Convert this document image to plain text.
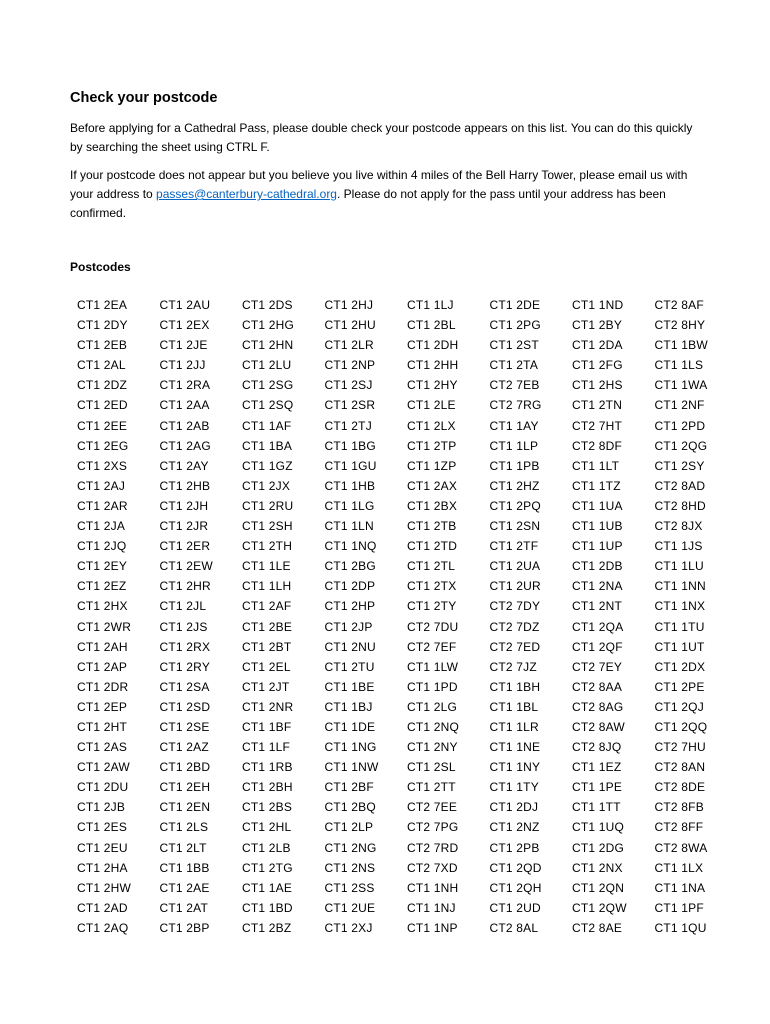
Check your postcode

Before applying for a Cathedral Pass, please double check your postcode appears on this list. You can do this quickly by searching the sheet using CTRL F.

If your postcode does not appear but you believe you live within 4 miles of the Bell Harry Tower, please email us with your address to passes@canterbury-cathedral.org. Please do not apply for the pass until your address has been confirmed.

Postcodes

CT1 2EA	CT1 2AU	CT1 2DS	CT1 2HJ	CT1 1LJ	CT1 2DE	CT1 1ND	CT2 8AF
CT1 2DY	CT1 2EX	CT1 2HG	CT1 2HU	CT1 2BL	CT1 2PG	CT1 2BY	CT2 8HY
CT1 2EB	CT1 2JE	CT1 2HN	CT1 2LR	CT1 2DH	CT1 2ST	CT1 2DA	CT1 1BW
CT1 2AL	CT1 2JJ	CT1 2LU	CT1 2NP	CT1 2HH	CT1 2TA	CT1 2FG	CT1 1LS
CT1 2DZ	CT1 2RA	CT1 2SG	CT1 2SJ	CT1 2HY	CT2 7EB	CT1 2HS	CT1 1WA
CT1 2ED	CT1 2AA	CT1 2SQ	CT1 2SR	CT1 2LE	CT2 7RG	CT1 2TN	CT1 2NF
CT1 2EE	CT1 2AB	CT1 1AF	CT1 2TJ	CT1 2LX	CT1 1AY	CT2 7HT	CT1 2PD
CT1 2EG	CT1 2AG	CT1 1BA	CT1 1BG	CT1 2TP	CT1 1LP	CT2 8DF	CT1 2QG
CT1 2XS	CT1 2AY	CT1 1GZ	CT1 1GU	CT1 1ZP	CT1 1PB	CT1 1LT	CT1 2SY
CT1 2AJ	CT1 2HB	CT1 2JX	CT1 1HB	CT1 2AX	CT1 2HZ	CT1 1TZ	CT2 8AD
CT1 2AR	CT1 2JH	CT1 2RU	CT1 1LG	CT1 2BX	CT1 2PQ	CT1 1UA	CT2 8HD
CT1 2JA	CT1 2JR	CT1 2SH	CT1 1LN	CT1 2TB	CT1 2SN	CT1 1UB	CT2 8JX
CT1 2JQ	CT1 2ER	CT1 2TH	CT1 1NQ	CT1 2TD	CT1 2TF	CT1 1UP	CT1 1JS
CT1 2EY	CT1 2EW	CT1 1LE	CT1 2BG	CT1 2TL	CT1 2UA	CT1 2DB	CT1 1LU
CT1 2EZ	CT1 2HR	CT1 1LH	CT1 2DP	CT1 2TX	CT1 2UR	CT1 2NA	CT1 1NN
CT1 2HX	CT1 2JL	CT1 2AF	CT1 2HP	CT1 2TY	CT2 7DY	CT1 2NT	CT1 1NX
CT1 2WR	CT1 2JS	CT1 2BE	CT1 2JP	CT2 7DU	CT2 7DZ	CT1 2QA	CT1 1TU
CT1 2AH	CT1 2RX	CT1 2BT	CT1 2NU	CT2 7EF	CT2 7ED	CT1 2QF	CT1 1UT
CT1 2AP	CT1 2RY	CT1 2EL	CT1 2TU	CT1 1LW	CT2 7JZ	CT2 7EY	CT1 2DX
CT1 2DR	CT1 2SA	CT1 2JT	CT1 1BE	CT1 1PD	CT1 1BH	CT2 8AA	CT1 2PE
CT1 2EP	CT1 2SD	CT1 2NR	CT1 1BJ	CT1 2LG	CT1 1BL	CT2 8AG	CT1 2QJ
CT1 2HT	CT1 2SE	CT1 1BF	CT1 1DE	CT1 2NQ	CT1 1LR	CT2 8AW	CT1 2QQ
CT1 2AS	CT1 2AZ	CT1 1LF	CT1 1NG	CT1 2NY	CT1 1NE	CT2 8JQ	CT2 7HU
CT1 2AW	CT1 2BD	CT1 1RB	CT1 1NW	CT1 2SL	CT1 1NY	CT1 1EZ	CT2 8AN
CT1 2DU	CT1 2EH	CT1 2BH	CT1 2BF	CT1 2TT	CT1 1TY	CT1 1PE	CT2 8DE
CT1 2JB	CT1 2EN	CT1 2BS	CT1 2BQ	CT2 7EE	CT1 2DJ	CT1 1TT	CT2 8FB
CT1 2ES	CT1 2LS	CT1 2HL	CT1 2LP	CT2 7PG	CT1 2NZ	CT1 1UQ	CT2 8FF
CT1 2EU	CT1 2LT	CT1 2LB	CT1 2NG	CT2 7RD	CT1 2PB	CT1 2DG	CT2 8WA
CT1 2HA	CT1 1BB	CT1 2TG	CT1 2NS	CT2 7XD	CT1 2QD	CT1 2NX	CT1 1LX
CT1 2HW	CT1 2AE	CT1 1AE	CT1 2SS	CT1 1NH	CT1 2QH	CT1 2QN	CT1 1NA
CT1 2AD	CT1 2AT	CT1 1BD	CT1 2UE	CT1 1NJ	CT1 2UD	CT1 2QW	CT1 1PF
CT1 2AQ	CT1 2BP	CT1 2BZ	CT1 2XJ	CT1 1NP	CT2 8AL	CT2 8AE	CT1 1QU
